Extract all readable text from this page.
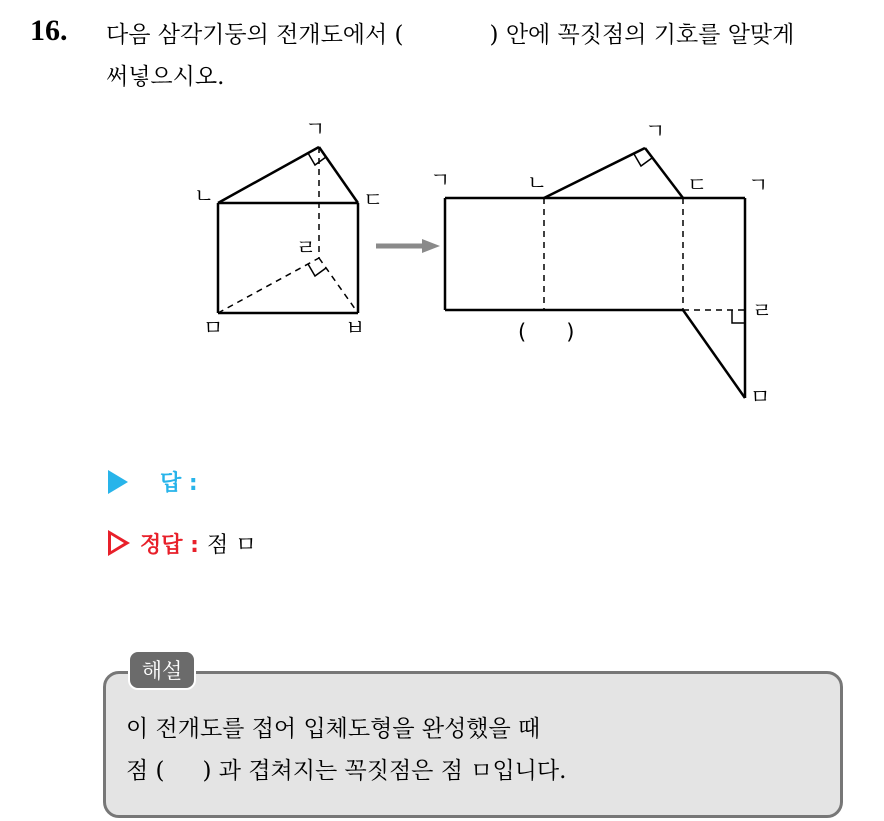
16. 다음 삼각기둥의 전개도에서 (	) 안에 꼭짓점의 기호를 알맞게
써넣으시오.
ㄱ
ㄴ	ㄷ
ㄹ
ㅁ	ㅂ
ㄱ	ㄴ
ㄱ
ㄷ ㄱ
ㄹ
ㅁ
(      )
답 :
정답 : 점 ㅁ
해설
이 전개도를 접어 입체도형을 완성했을 때
점 ( ) 과 겹쳐지는 꼭짓점은 점 ㅁ입니다.
